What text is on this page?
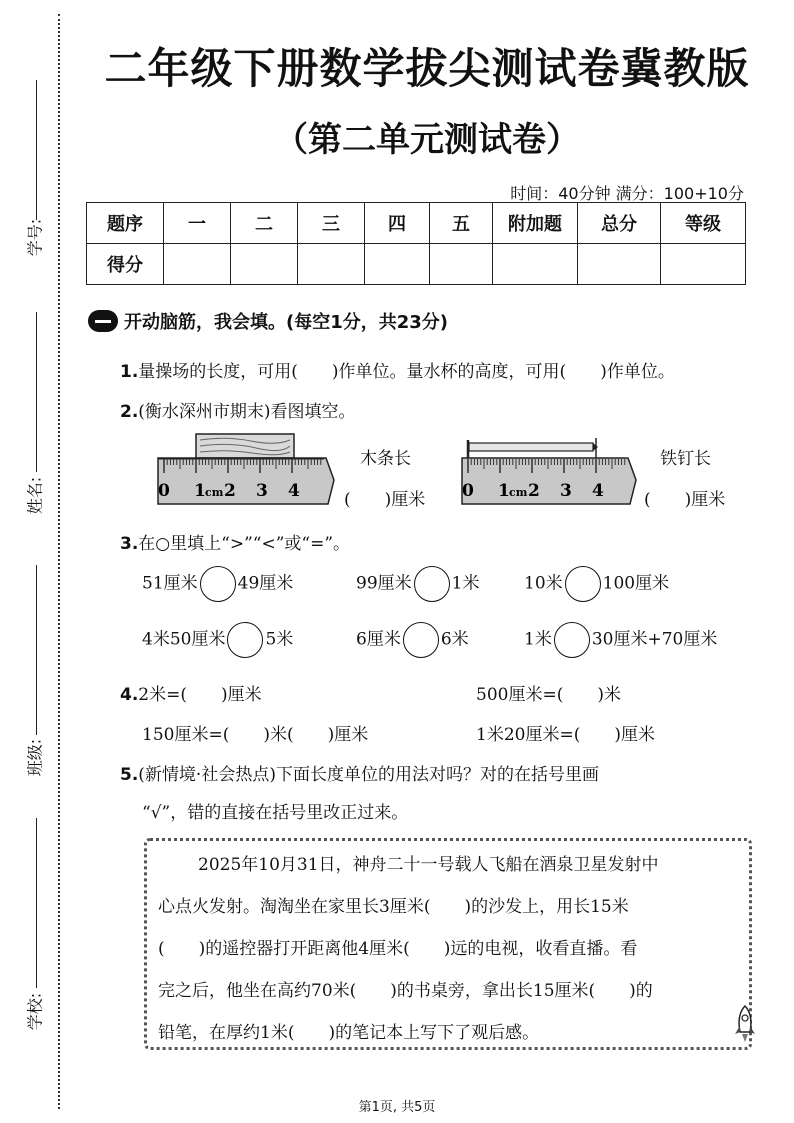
学号:
姓名:
班级:
学校:
二年级下册数学拔尖测试卷冀教版
（第二单元测试卷）
时间：40分钟 满分：100+10分
题序	一	二	三	四	五	附加题	总分	等级
得分								
开动脑筋，我会填。(每空1分，共23分)
1.量操场的长度，可用(　　)作单位。量水杯的高度，可用(　　)作单位。
2.(衡水深州市期末)看图填空。
0 1 cm 2 3 4
木条长
(　　)厘米 0 1 cm 2 3 4
铁钉长
(　　)厘米
3.在○里填上“>”“<”或“=”。
51厘米 49厘米	99厘米 1米	10米 100厘米
4米50厘米 5米	6厘米 6米	1米 30厘米+70厘米
4.2米=(　　)厘米	500厘米=(　　)米
150厘米=(　　)米(　　)厘米	1米20厘米=(　　)厘米
5.(新情境·社会热点)下面长度单位的用法对吗？对的在括号里画
“√”，错的直接在括号里改正过来。
2025年10月31日，神舟二十一号载人飞船在酒泉卫星发射中
心点火发射。淘淘坐在家里长3厘米(　　)的沙发上，用长15米
(　　)的遥控器打开距离他4厘米(　　)远的电视，收看直播。看
完之后，他坐在高约70米(　　)的书桌旁，拿出长15厘米(　　)的
铅笔，在厚约1米(　　)的笔记本上写下了观后感。
第1页, 共5页
